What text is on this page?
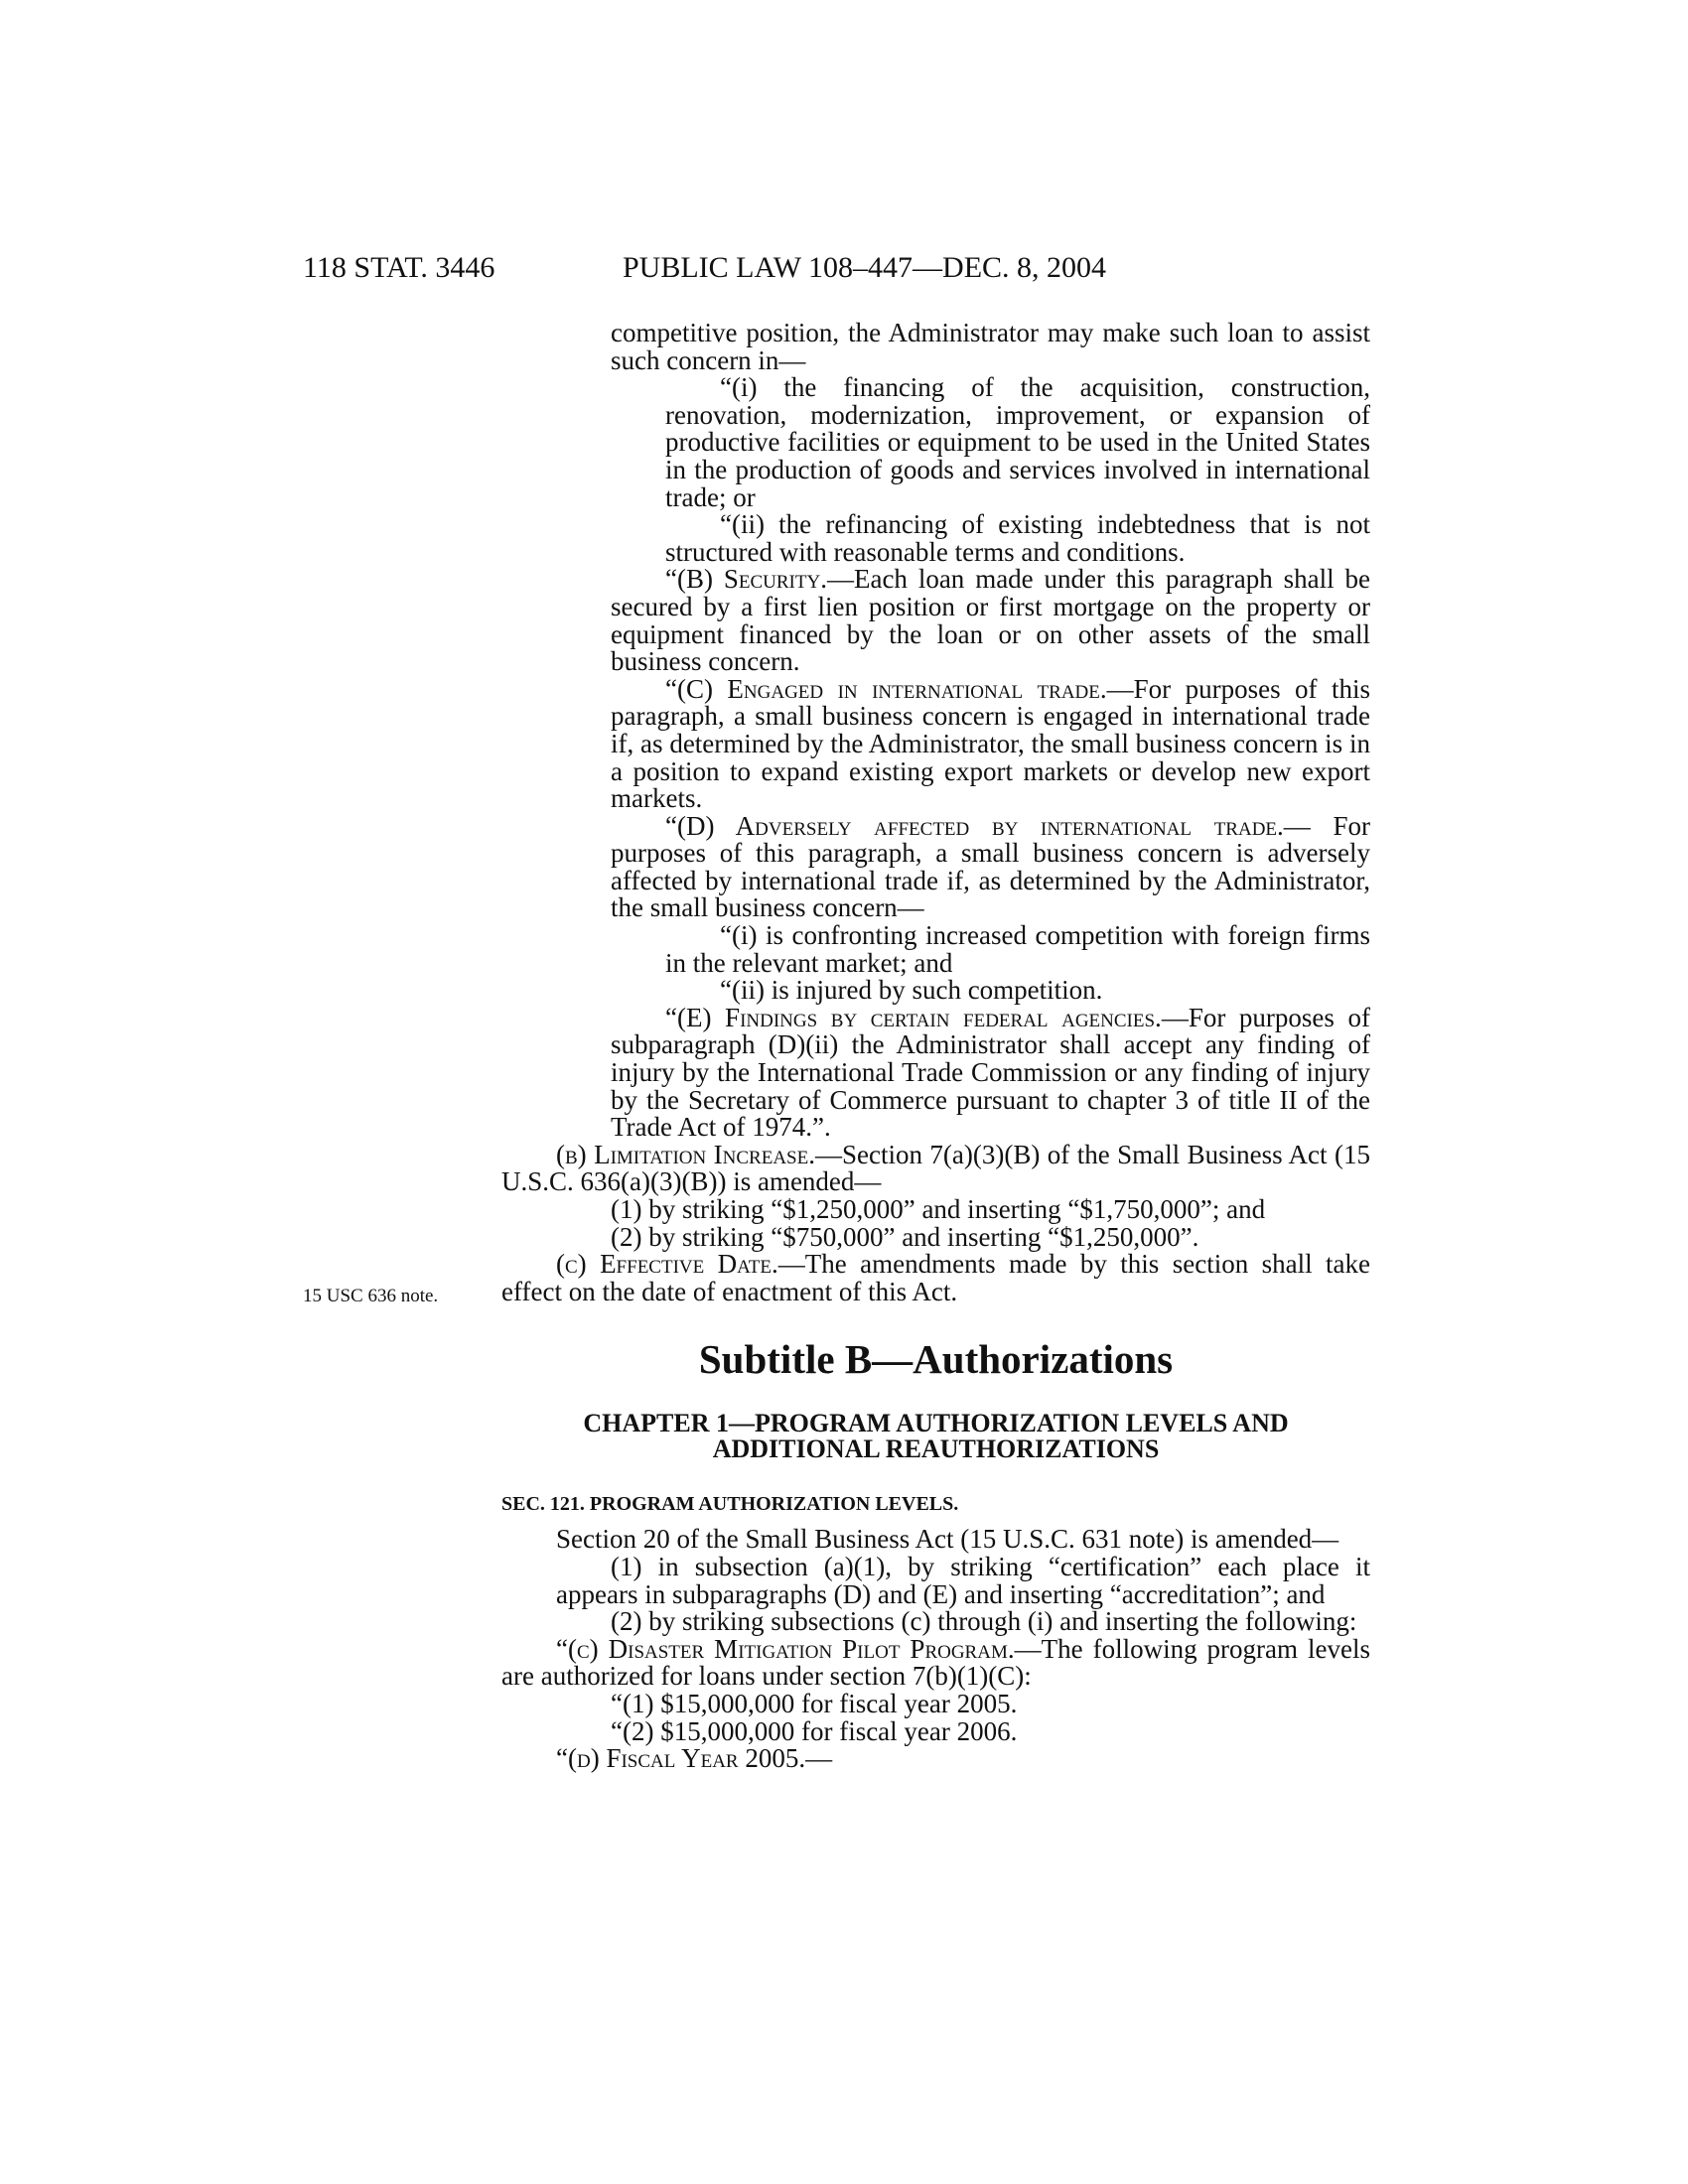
118 STAT. 3446	PUBLIC LAW 108–447—DEC. 8, 2004
15 USC 636 note.

competitive position, the Administrator may make such loan to assist such concern in—

“(i) the financing of the acquisition, construction, renovation, modernization, improvement, or expansion of productive facilities or equipment to be used in the United States in the production of goods and services involved in international trade; or

“(ii) the refinancing of existing indebtedness that is not structured with reasonable terms and conditions.

“(B) Security.—Each loan made under this paragraph shall be secured by a first lien position or first mortgage on the property or equipment financed by the loan or on other assets of the small business concern.

“(C) Engaged in international trade.—For purposes of this paragraph, a small business concern is engaged in international trade if, as determined by the Administrator, the small business concern is in a position to expand existing export markets or develop new export markets.

“(D) Adversely affected by international trade.— For purposes of this paragraph, a small business concern is adversely affected by international trade if, as determined by the Administrator, the small business concern—

“(i) is confronting increased competition with foreign firms in the relevant market; and

“(ii) is injured by such competition.

“(E) Findings by certain federal agencies.—For purposes of subparagraph (D)(ii) the Administrator shall accept any finding of injury by the International Trade Commission or any finding of injury by the Secretary of Commerce pursuant to chapter 3 of title II of the Trade Act of 1974.”.

(b) Limitation Increase.—Section 7(a)(3)(B) of the Small Business Act (15 U.S.C. 636(a)(3)(B)) is amended—

(1) by striking “$1,250,000” and inserting “$1,750,000”; and

(2) by striking “$750,000” and inserting “$1,250,000”.

(c) Effective Date.—The amendments made by this section shall take effect on the date of enactment of this Act.

Subtitle B—Authorizations

CHAPTER 1—PROGRAM AUTHORIZATION LEVELS AND
ADDITIONAL REAUTHORIZATIONS

SEC. 121. PROGRAM AUTHORIZATION LEVELS.

Section 20 of the Small Business Act (15 U.S.C. 631 note) is amended—

(1) in subsection (a)(1), by striking “certification” each place it appears in subparagraphs (D) and (E) and inserting “accreditation”; and

(2) by striking subsections (c) through (i) and inserting the following:

“(c) Disaster Mitigation Pilot Program.—The following program levels are authorized for loans under section 7(b)(1)(C):

“(1) $15,000,000 for fiscal year 2005.

“(2) $15,000,000 for fiscal year 2006.

“(d) Fiscal Year 2005.—
